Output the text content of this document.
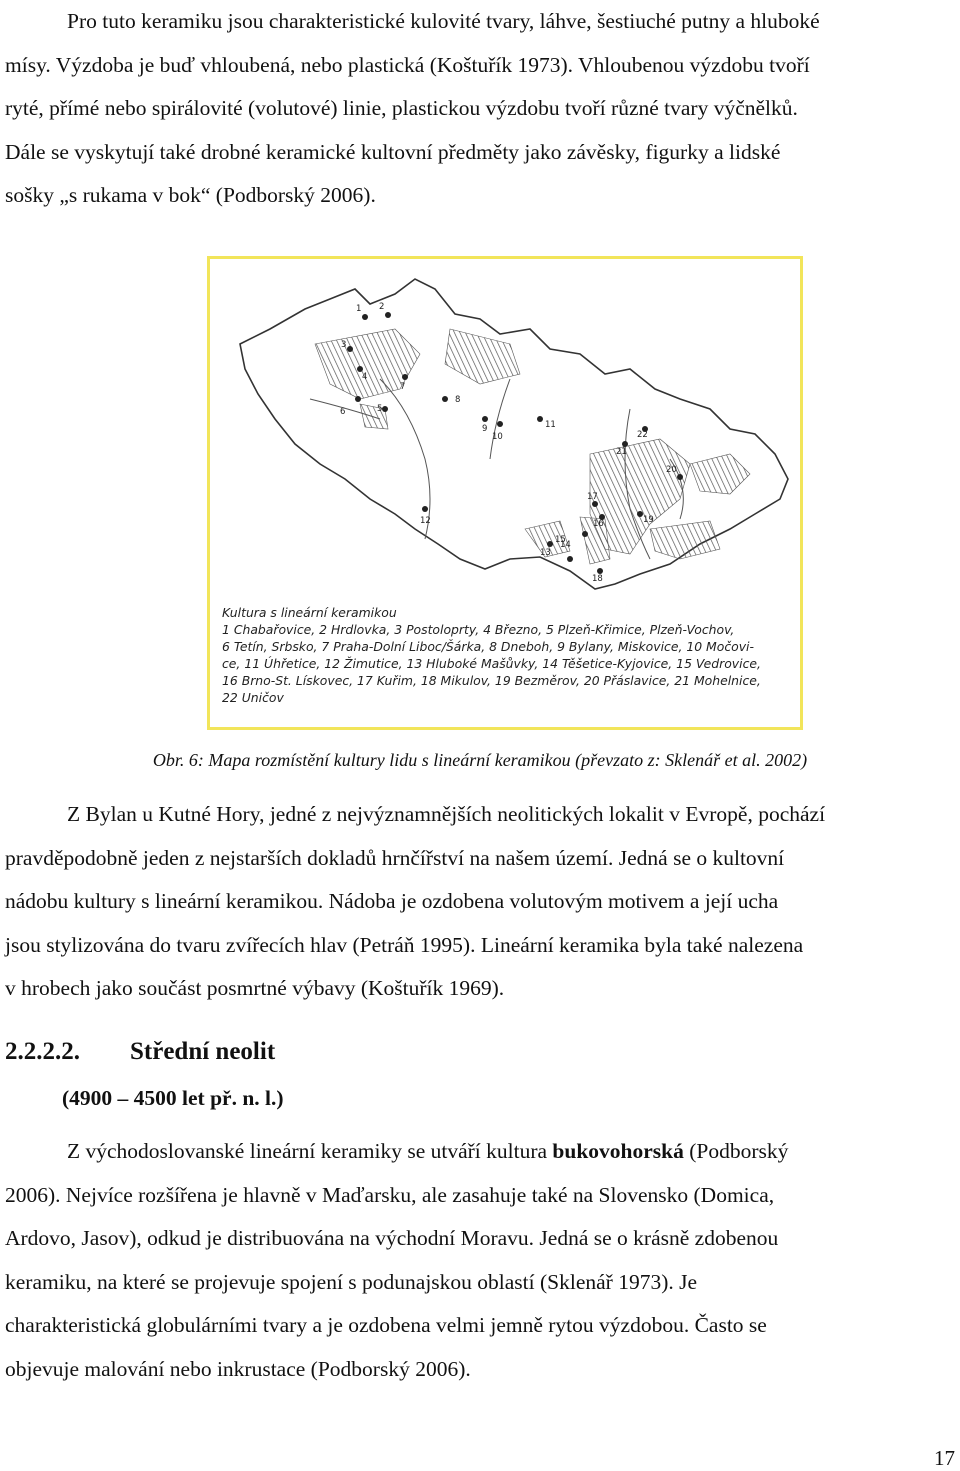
Pro tuto keramiku jsou charakteristické kulovité tvary, láhve, šestiuché putny a hluboké
mísy. Výzdoba je buď vhloubená, nebo plastická (Koštuřík 1973). Vhloubenou výzdobu tvoří
ryté, přímé nebo spirálovité (volutové) linie, plastickou výzdobu tvoří různé tvary výčnělků.
Dále se vyskytují také drobné keramické kultovní předměty jako závěsky, figurky a lidské
sošky „s rukama v bok“ (Podborský 2006).
1 2
3
4
6	5
7
8
9
10
11
12
13
14
15
16
17
18
19
20
21
22
Kultura s lineární keramikou
1 Chabařovice, 2 Hrdlovka, 3 Postoloprty, 4 Březno, 5 Plzeň-Křimice, Plzeň-Vochov,
6 Tetín, Srbsko, 7 Praha-Dolní Liboc/Šárka, 8 Dneboh, 9 Bylany, Miskovice, 10 Močovi-
ce, 11 Úhřetice, 12 Žimutice, 13 Hluboké Mašůvky, 14 Těšetice-Kyjovice, 15 Vedrovice,
16 Brno-St. Lískovec, 17 Kuřim, 18 Mikulov, 19 Bezměrov, 20 Přáslavice, 21 Mohelnice,
22 Uničov
Obr. 6: Mapa rozmístění kultury lidu s lineární keramikou (převzato z: Sklenář et al. 2002)
Z Bylan u Kutné Hory, jedné z nejvýznamnějších neolitických lokalit v Evropě, pochází
pravděpodobně jeden z nejstarších dokladů hrnčířství na našem území. Jedná se o kultovní
nádobu kultury s lineární keramikou. Nádoba je ozdobena volutovým motivem a její ucha
jsou stylizována do tvaru zvířecích hlav (Petráň 1995). Lineární keramika byla také nalezena
v hrobech jako součást posmrtné výbavy (Koštuřík 1969).
2.2.2.2. Střední neolit
(4900 – 4500 let př. n. l.)
Z východoslovanské lineární keramiky se utváří kultura bukovohorská (Podborský
2006). Nejvíce rozšířena je hlavně v Maďarsku, ale zasahuje také na Slovensko (Domica,
Ardovo, Jasov), odkud je distribuována na východní Moravu. Jedná se o krásně zdobenou
keramiku, na které se projevuje spojení s podunajskou oblastí (Sklenář 1973). Je
charakteristická globulárními tvary a je ozdobena velmi jemně rytou výzdobou. Často se
objevuje malování nebo inkrustace (Podborský 2006).
17
